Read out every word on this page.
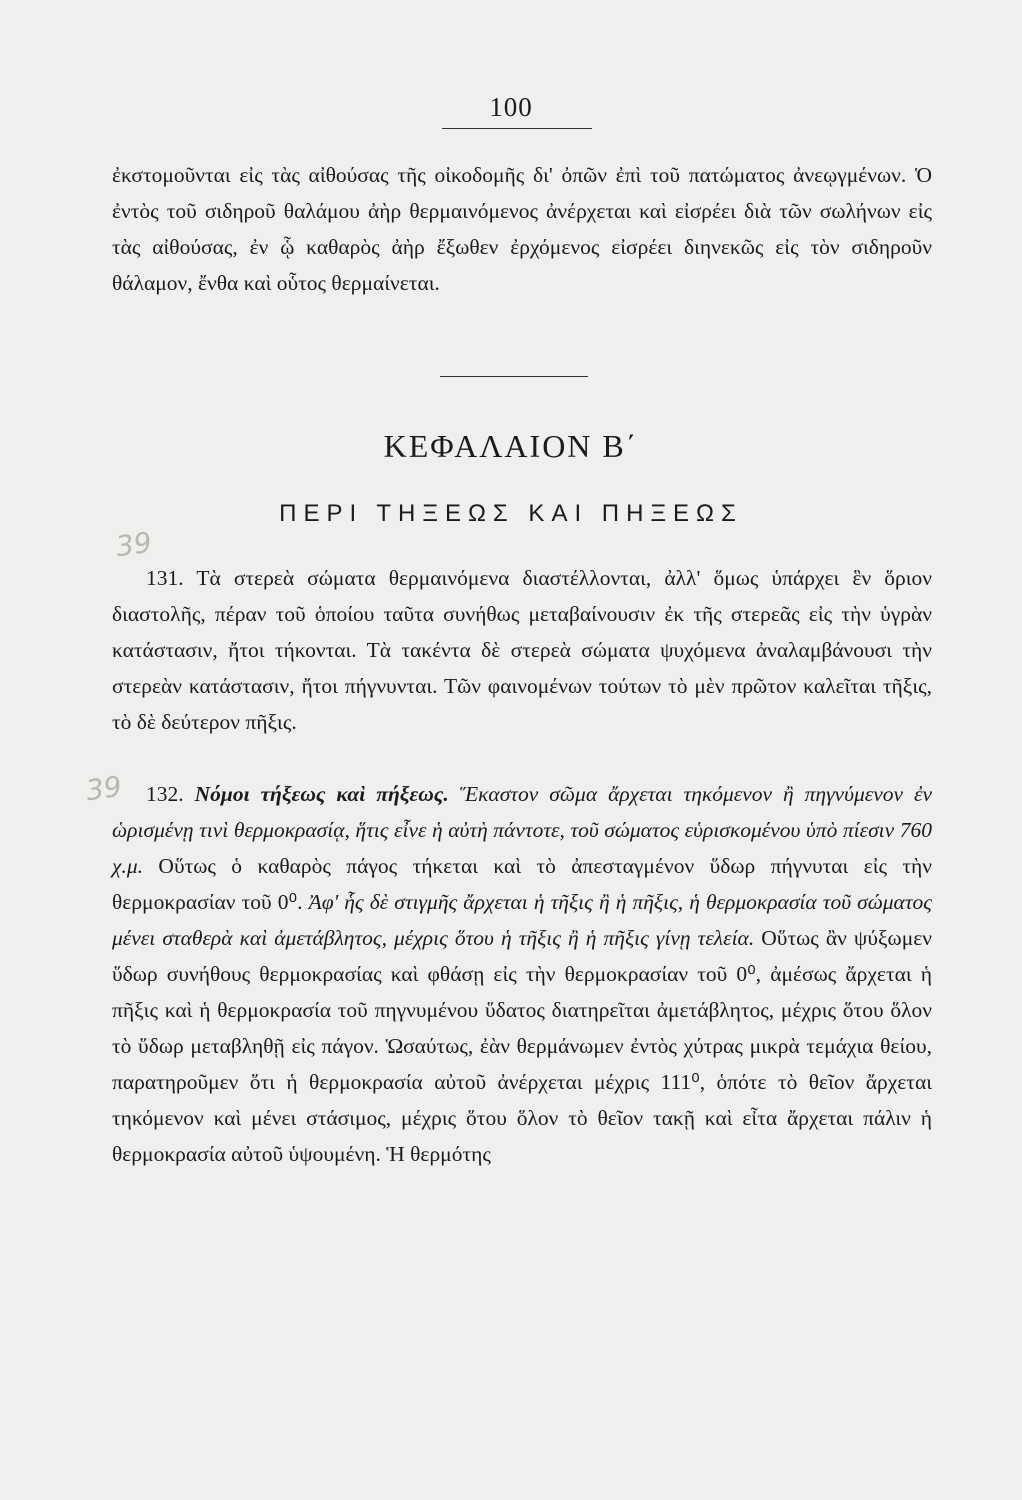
100

ἐκστομοῦνται εἰς τὰς αἰθούσας τῆς οἰκοδομῆς δι' ὀπῶν ἐπὶ τοῦ πατώματος ἀνεῳγμένων. Ὁ ἐντὸς τοῦ σιδηροῦ θαλάμου ἀὴρ θερμαινόμενος ἀνέρχεται καὶ εἰσρέει διὰ τῶν σωλήνων εἰς τὰς αἰθούσας, ἐν ᾧ καθαρὸς ἀὴρ ἔξωθεν ἐρχόμενος εἰσρέει διηνεκῶς εἰς τὸν σιδηροῦν θάλαμον, ἔνθα καὶ οὗτος θερμαίνεται.

ΚΕΦΑΛΑΙΟΝ Β΄
ΠΕΡΙ ΤΗΞΕΩΣ ΚΑΙ ΠΗΞΕΩΣ
39
39

131. Τὰ στερεὰ σώματα θερμαινόμενα διαστέλλονται, ἀλλ' ὅμως ὑπάρχει ἓν ὅριον διαστολῆς, πέραν τοῦ ὁποίου ταῦτα συνήθως μεταβαίνουσιν ἐκ τῆς στερεᾶς εἰς τὴν ὑγρὰν κατάστασιν, ἤτοι τήκονται. Τὰ τακέντα δὲ στερεὰ σώματα ψυχόμενα ἀναλαμβάνουσι τὴν στερεὰν κατάστασιν, ἤτοι πήγνυνται. Τῶν φαινομένων τούτων τὸ μὲν πρῶτον καλεῖται τῆξις, τὸ δὲ δεύτερον πῆξις.

132. Νόμοι τήξεως καὶ πήξεως. Ἕκαστον σῶμα ἄρχεται τηκόμενον ἢ πηγνύμενον ἐν ὡρισμένῃ τινὶ θερμοκρασίᾳ, ἥτις εἶνε ἡ αὐτὴ πάντοτε, τοῦ σώματος εὑρισκομένου ὑπὸ πίεσιν 760 χ.μ. Οὕτως ὁ καθαρὸς πάγος τήκεται καὶ τὸ ἀπεσταγμένον ὕδωρ πήγνυται εἰς τὴν θερμοκρασίαν τοῦ 0⁰. Ἀφ' ἧς δὲ στιγμῆς ἄρχεται ἡ τῆξις ἢ ἡ πῆξις, ἡ θερμοκρασία τοῦ σώματος μένει σταθερὰ καὶ ἀμετάβλητος, μέχρις ὅτου ἡ τῆξις ἢ ἡ πῆξις γίνῃ τελεία. Οὕτως ἂν ψύξωμεν ὕδωρ συνήθους θερμοκρασίας καὶ φθάσῃ εἰς τὴν θερμοκρασίαν τοῦ 0⁰, ἀμέσως ἄρχεται ἡ πῆξις καὶ ἡ θερμοκρασία τοῦ πηγνυμένου ὕδατος διατηρεῖται ἀμετάβλητος, μέχρις ὅτου ὅλον τὸ ὕδωρ μεταβληθῇ εἰς πάγον. Ὡσαύτως, ἐὰν θερμάνωμεν ἐντὸς χύτρας μικρὰ τεμάχια θείου, παρατηροῦμεν ὅτι ἡ θερμοκρασία αὐτοῦ ἀνέρχεται μέχρις 111⁰, ὁπότε τὸ θεῖον ἄρχεται τηκόμενον καὶ μένει στάσιμος, μέχρις ὅτου ὅλον τὸ θεῖον τακῇ καὶ εἶτα ἄρχεται πάλιν ἡ θερμοκρασία αὐτοῦ ὑψουμένη. Ἡ θερμότης
